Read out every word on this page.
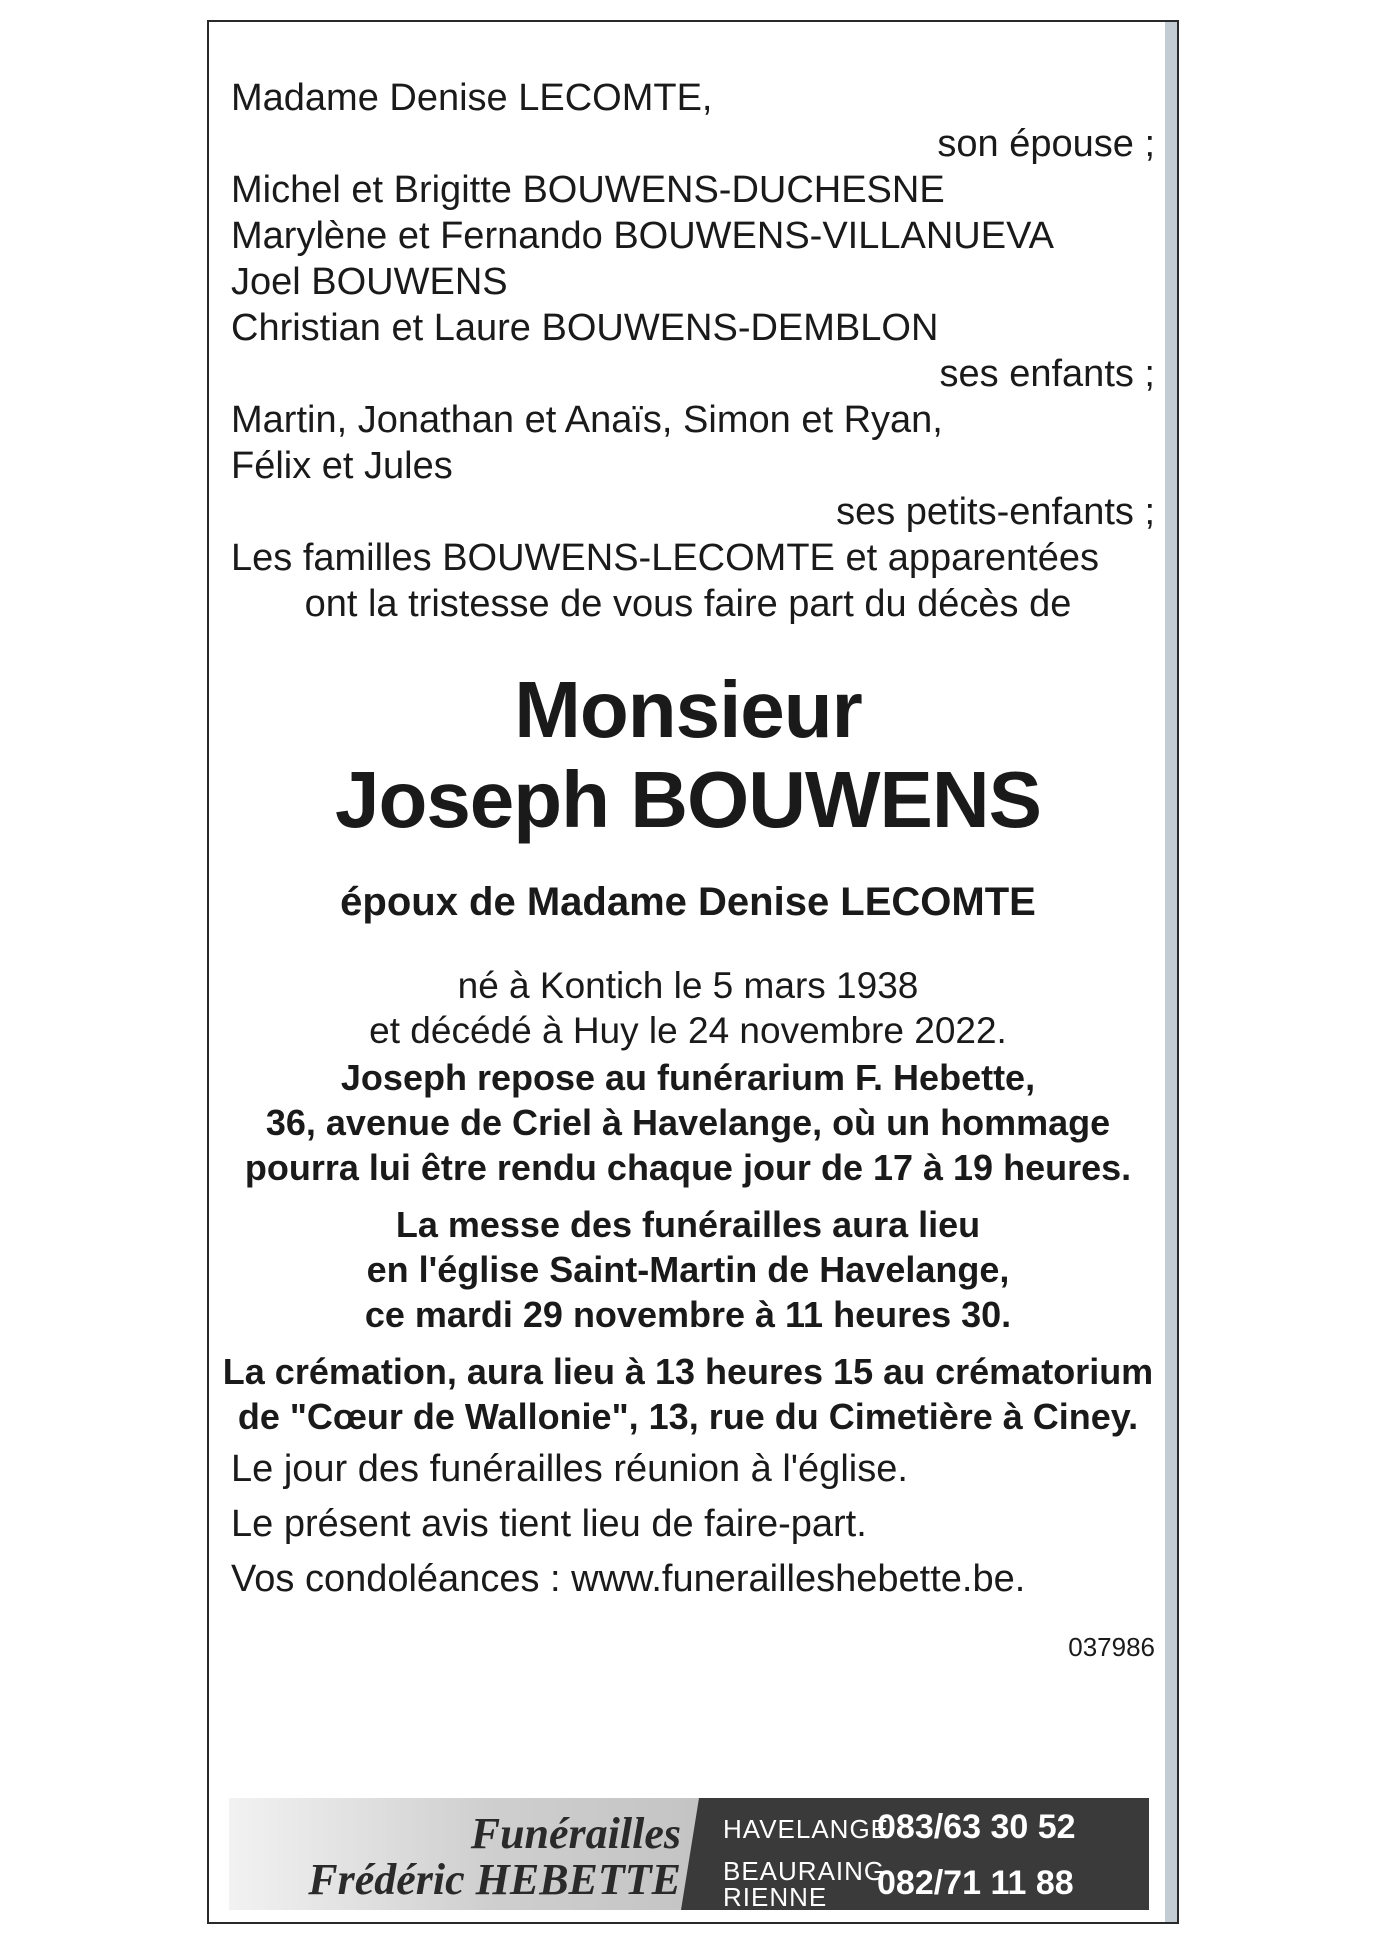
Madame Denise LECOMTE,
son épouse ;
Michel et Brigitte BOUWENS-DUCHESNE
Marylène et Fernando BOUWENS-VILLANUEVA
Joel BOUWENS
Christian et Laure BOUWENS-DEMBLON
ses enfants ;
Martin, Jonathan et Anaïs, Simon et Ryan,
Félix et Jules
ses petits-enfants ;
Les familles BOUWENS-LECOMTE et apparentées
ont la tristesse de vous faire part du décès de
Monsieur
Joseph BOUWENS
époux de Madame Denise LECOMTE
né à Kontich le 5 mars 1938
et décédé à Huy le 24 novembre 2022.
Joseph repose au funérarium F. Hebette,
36, avenue de Criel à Havelange, où un hommage
pourra lui être rendu chaque jour de 17 à 19 heures.
La messe des funérailles aura lieu
en l'église Saint-Martin de Havelange,
ce mardi 29 novembre à 11 heures 30.
La crémation, aura lieu à 13 heures 15 au crématorium
de "Cœur de Wallonie", 13, rue du Cimetière à Ciney.
Le jour des funérailles réunion à l'église.
Le présent avis tient lieu de faire-part.
Vos condoléances : www.funerailleshebette.be.
037986
Funérailles
Frédéric HEBETTE
HAVELANGE
083/63 30 52
BEAURAING
RIENNE 082/71 11 88
